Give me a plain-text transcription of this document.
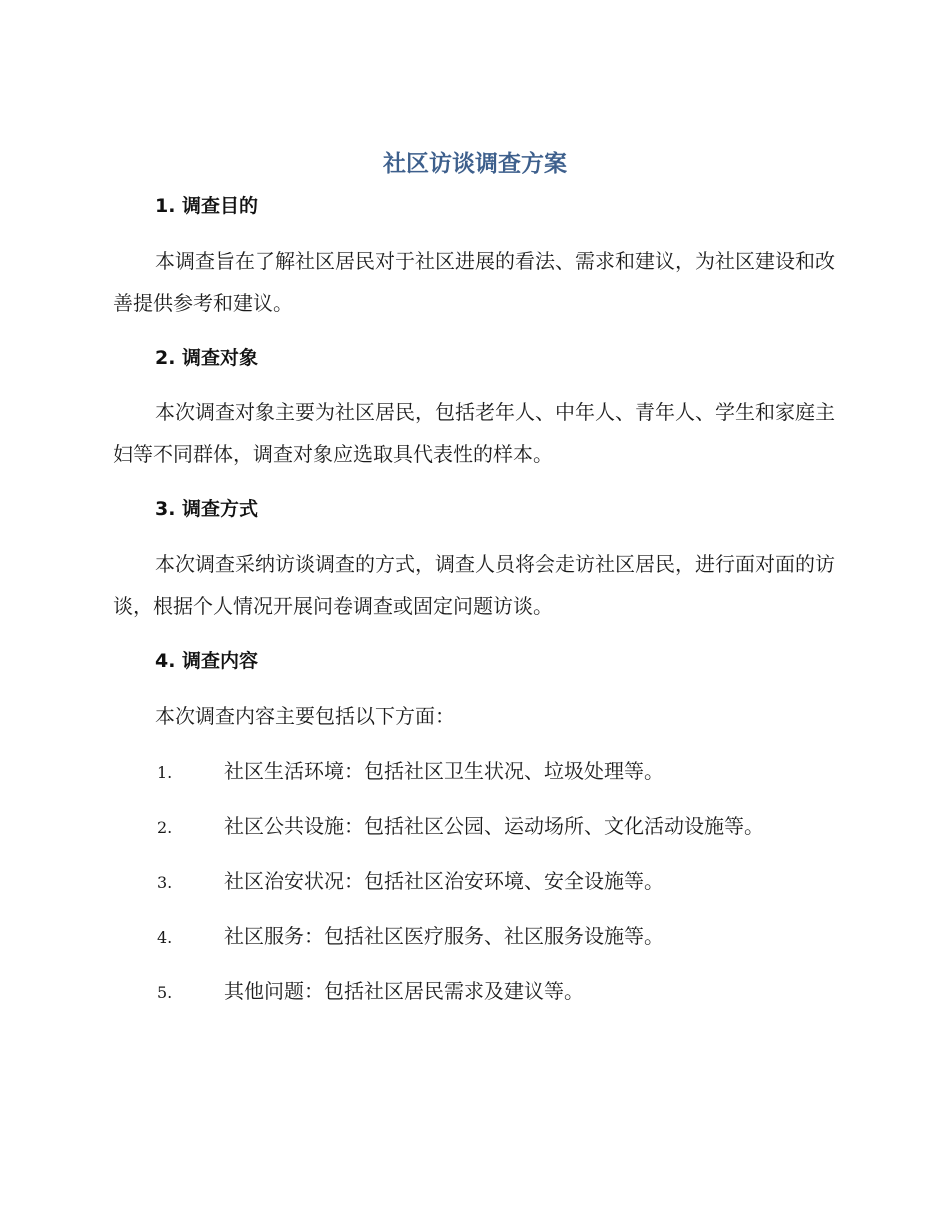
社区访谈调查方案
1. 调查目的
本调查旨在了解社区居民对于社区进展的看法、需求和建议，为社区建设和改善提供参考和建议。
2. 调查对象
本次调查对象主要为社区居民，包括老年人、中年人、青年人、学生和家庭主妇等不同群体，调查对象应选取具代表性的样本。
3. 调查方式
本次调查采纳访谈调查的方式，调查人员将会走访社区居民，进行面对面的访谈，根据个人情况开展问卷调查或固定问题访谈。
4. 调查内容
本次调查内容主要包括以下方面：
1.	社区生活环境：包括社区卫生状况、垃圾处理等。
2.	社区公共设施：包括社区公园、运动场所、文化活动设施等。
3.	社区治安状况：包括社区治安环境、安全设施等。
4.	社区服务：包括社区医疗服务、社区服务设施等。
5.	其他问题：包括社区居民需求及建议等。
